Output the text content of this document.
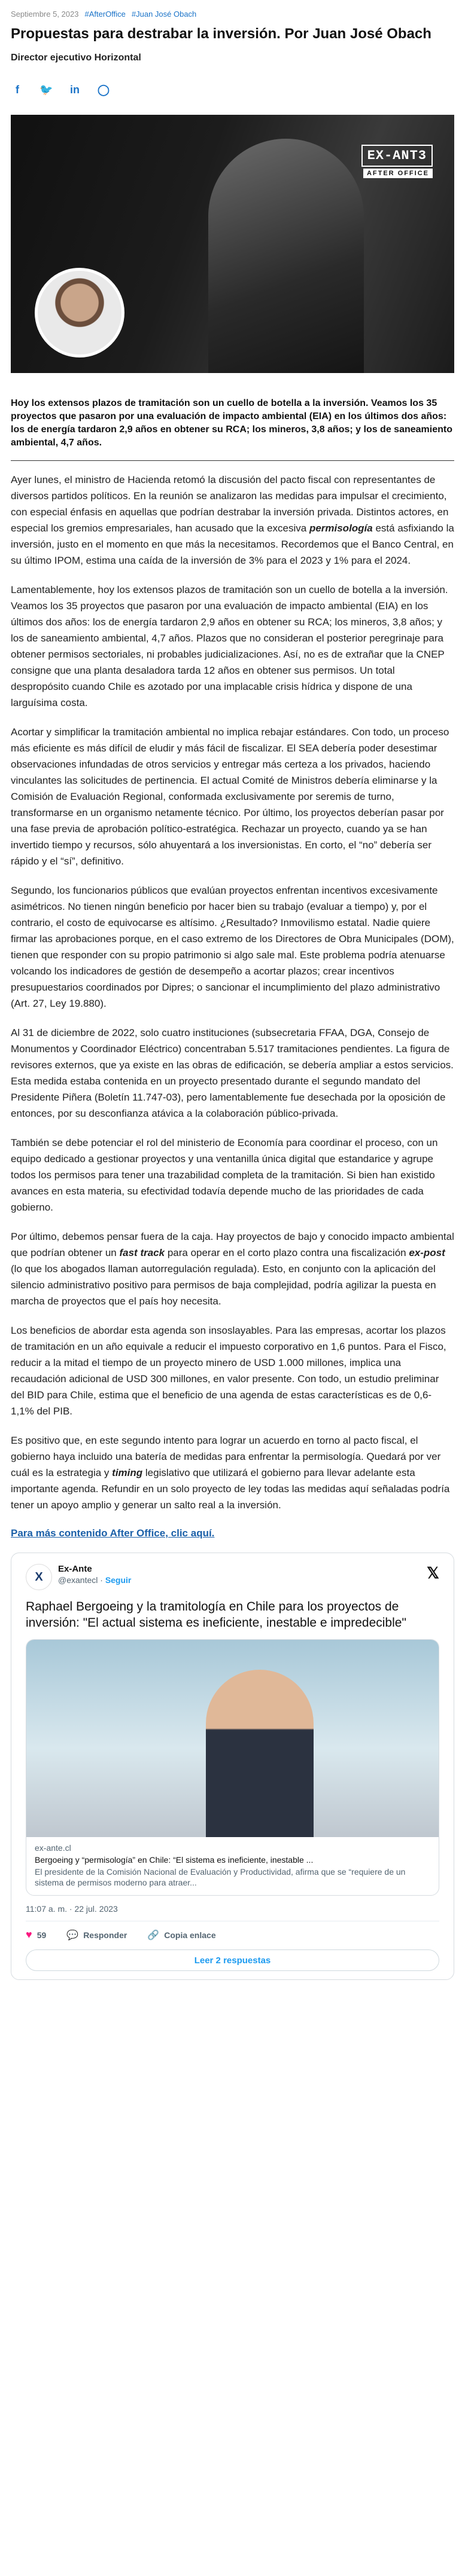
Septiembre 5, 2023 #AfterOffice #Juan José Obach
Propuestas para destrabar la inversión. Por Juan José Obach
Director ejecutivo Horizontal
f	🐦 in ◯
EX-ANT3
AFTER OFFICE

Hoy los extensos plazos de tramitación son un cuello de botella a la inversión. Veamos los 35 proyectos que pasaron por una evaluación de impacto ambiental (EIA) en los últimos dos años: los de energía tardaron 2,9 años en obtener su RCA; los mineros, 3,8 años; y los de saneamiento ambiental, 4,7 años.

Ayer lunes, el ministro de Hacienda retomó la discusión del pacto fiscal con representantes de diversos partidos políticos. En la reunión se analizaron las medidas para impulsar el crecimiento, con especial énfasis en aquellas que podrían destrabar la inversión privada. Distintos actores, en especial los gremios empresariales, han acusado que la excesiva permisología está asfixiando la inversión, justo en el momento en que más la necesitamos. Recordemos que el Banco Central, en su último IPOM, estima una caída de la inversión de 3% para el 2023 y 1% para el 2024.

Lamentablemente, hoy los extensos plazos de tramitación son un cuello de botella a la inversión. Veamos los 35 proyectos que pasaron por una evaluación de impacto ambiental (EIA) en los últimos dos años: los de energía tardaron 2,9 años en obtener su RCA; los mineros, 3,8 años; y los de saneamiento ambiental, 4,7 años. Plazos que no consideran el posterior peregrinaje para obtener permisos sectoriales, ni probables judicializaciones. Así, no es de extrañar que la CNEP consigne que una planta desaladora tarda 12 años en obtener sus permisos. Un total despropósito cuando Chile es azotado por una implacable crisis hídrica y dispone de una larguísima costa.

Acortar y simplificar la tramitación ambiental no implica rebajar estándares. Con todo, un proceso más eficiente es más difícil de eludir y más fácil de fiscalizar. El SEA debería poder desestimar observaciones infundadas de otros servicios y entregar más certeza a los privados, haciendo vinculantes las solicitudes de pertinencia. El actual Comité de Ministros debería eliminarse y la Comisión de Evaluación Regional, conformada exclusivamente por seremis de turno, transformarse en un organismo netamente técnico. Por último, los proyectos deberían pasar por una fase previa de aprobación político-estratégica. Rechazar un proyecto, cuando ya se han invertido tiempo y recursos, sólo ahuyentará a los inversionistas. En corto, el “no” debería ser rápido y el “sí”, definitivo.

Segundo, los funcionarios públicos que evalúan proyectos enfrentan incentivos excesivamente asimétricos. No tienen ningún beneficio por hacer bien su trabajo (evaluar a tiempo) y, por el contrario, el costo de equivocarse es altísimo. ¿Resultado? Inmovilismo estatal. Nadie quiere firmar las aprobaciones porque, en el caso extremo de los Directores de Obra Municipales (DOM), tienen que responder con su propio patrimonio si algo sale mal. Este problema podría atenuarse volcando los indicadores de gestión de desempeño a acortar plazos; crear incentivos presupuestarios coordinados por Dipres; o sancionar el incumplimiento del plazo administrativo (Art. 27, Ley 19.880).

Al 31 de diciembre de 2022, solo cuatro instituciones (subsecretaria FFAA, DGA, Consejo de Monumentos y Coordinador Eléctrico) concentraban 5.517 tramitaciones pendientes. La figura de revisores externos, que ya existe en las obras de edificación, se debería ampliar a estos servicios. Esta medida estaba contenida en un proyecto presentado durante el segundo mandato del Presidente Piñera (Boletín 11.747-03), pero lamentablemente fue desechada por la oposición de entonces, por su desconfianza atávica a la colaboración público-privada.

También se debe potenciar el rol del ministerio de Economía para coordinar el proceso, con un equipo dedicado a gestionar proyectos y una ventanilla única digital que estandarice y agrupe todos los permisos para tener una trazabilidad completa de la tramitación. Si bien han existido avances en esta materia, su efectividad todavía depende mucho de las prioridades de cada gobierno.

Por último, debemos pensar fuera de la caja. Hay proyectos de bajo y conocido impacto ambiental que podrían obtener un fast track para operar en el corto plazo contra una fiscalización ex-post (lo que los abogados llaman autorregulación regulada). Esto, en conjunto con la aplicación del silencio administrativo positivo para permisos de baja complejidad, podría agilizar la puesta en marcha de proyectos que el país hoy necesita.

Los beneficios de abordar esta agenda son insoslayables. Para las empresas, acortar los plazos de tramitación en un año equivale a reducir el impuesto corporativo en 1,6 puntos. Para el Fisco, reducir a la mitad el tiempo de un proyecto minero de USD 1.000 millones, implica una recaudación adicional de USD 300 millones, en valor presente. Con todo, un estudio preliminar del BID para Chile, estima que el beneficio de una agenda de estas características es de 0,6-1,1% del PIB.

Es positivo que, en este segundo intento para lograr un acuerdo en torno al pacto fiscal, el gobierno haya incluido una batería de medidas para enfrentar la permisología. Quedará por ver cuál es la estrategia y timing legislativo que utilizará el gobierno para llevar adelante esta importante agenda. Refundir en un solo proyecto de ley todas las medidas aquí señaladas podría tener un apoyo amplio y generar un salto real a la inversión.

Para más contenido After Office, clic aquí.
X
Ex-Ante
@exantecl · Seguir	𝕏
Raphael Bergoeing y la tramitología en Chile para los proyectos de inversión: "El actual sistema es ineficiente, inestable e impredecible"
ex-ante.cl
Bergoeing y “permisología” en Chile: “El sistema es ineficiente, inestable ...
El presidente de la Comisión Nacional de Evaluación y Productividad, afirma que se “requiere de un sistema de permisos moderno para atraer...
11:07 a. m. · 22 jul. 2023
♥ 59 💬 Responder 🔗 Copia enlace
Leer 2 respuestas
